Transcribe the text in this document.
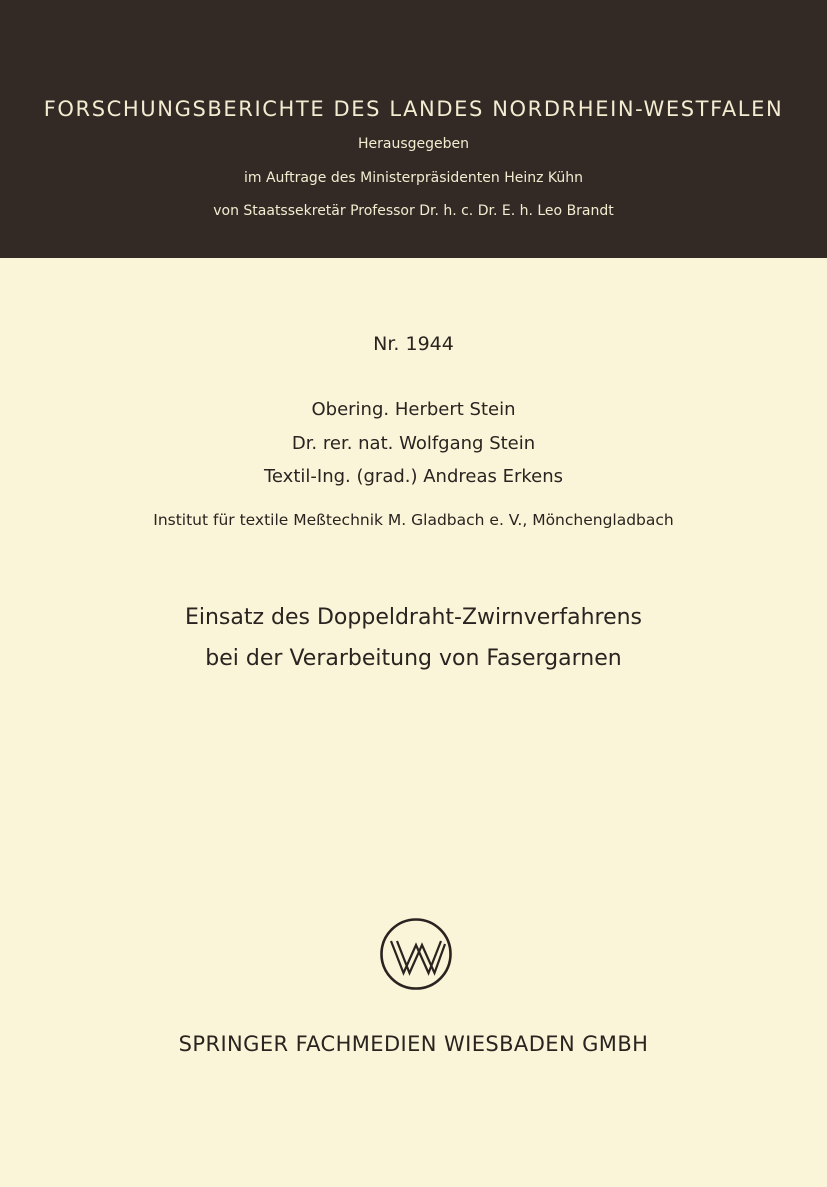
FORSCHUNGSBERICHTE DES LANDES NORDRHEIN-WESTFALEN
Herausgegeben
im Auftrage des Ministerpräsidenten Heinz Kühn
von Staatssekretär Professor Dr. h. c. Dr. E. h. Leo Brandt
Nr. 1944
Obering. Herbert Stein
Dr. rer. nat. Wolfgang Stein
Textil-Ing. (grad.) Andreas Erkens
Institut für textile Meßtechnik M. Gladbach e. V., Mönchengladbach
Einsatz des Doppeldraht-Zwirnverfahrens
bei der Verarbeitung von Fasergarnen
SPRINGER FACHMEDIEN WIESBADEN GMBH
